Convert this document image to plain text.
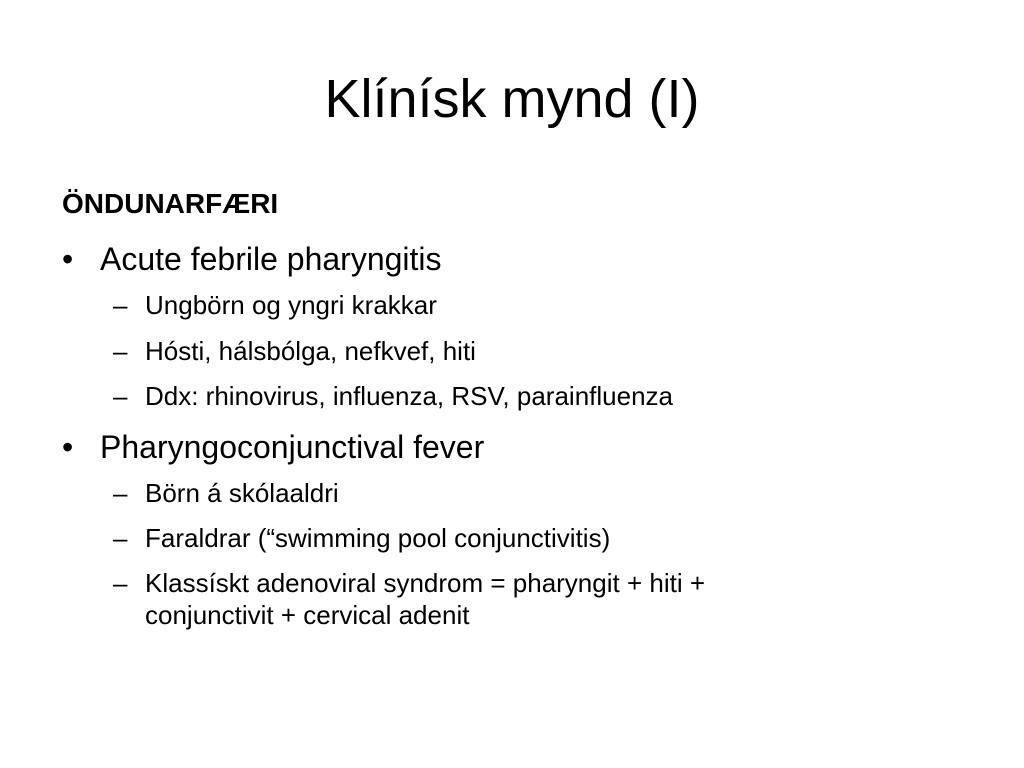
Klínísk mynd (I)
ÖNDUNARFÆRI
• Acute febrile pharyngitis
– Ungbörn og yngri krakkar
– Hósti, hálsbólga, nefkvef, hiti
– Ddx: rhinovirus, influenza, RSV, parainfluenza
• Pharyngoconjunctival fever
– Börn á skólaaldri
– Faraldrar (“swimming pool conjunctivitis)
– Klassískt adenoviral syndrom = pharyngit + hiti +
conjunctivit + cervical adenit
